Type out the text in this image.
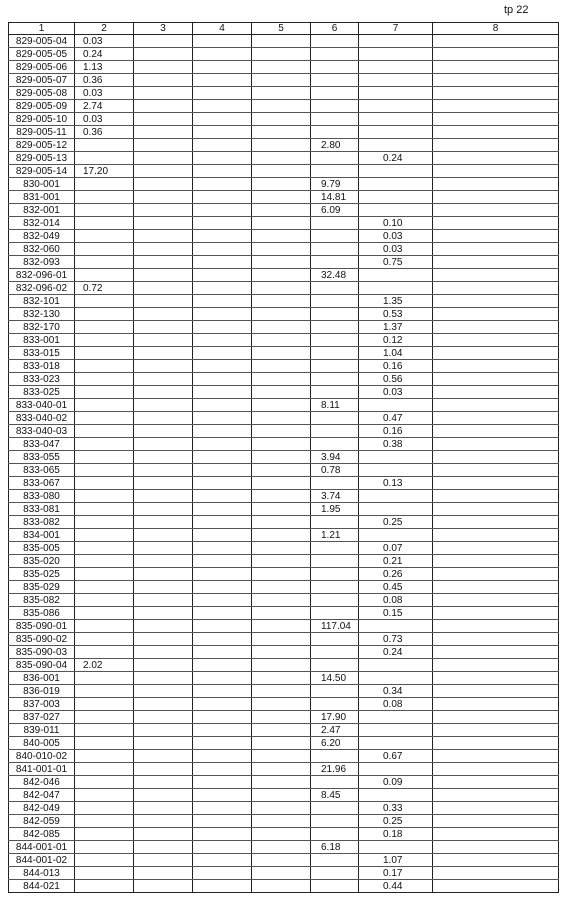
tp 22
1	2	3	4	5	6	7	8
829-005-04	0.03						
829-005-05	0.24						
829-005-06	1.13						
829-005-07	0.36						
829-005-08	0.03						
829-005-09	2.74						
829-005-10	0.03						
829-005-11	0.36						
829-005-12					2.80		
829-005-13						0.24	
829-005-14	17.20						
830-001					9.79		
831-001					14.81		
832-001					6.09		
832-014						0.10	
832-049						0.03	
832-060						0.03	
832-093						0.75	
832-096-01					32.48		
832-096-02	0.72						
832-101						1.35	
832-130						0.53	
832-170						1.37	
833-001						0.12	
833-015						1.04	
833-018						0.16	
833-023						0.56	
833-025						0.03	
833-040-01					8.11		
833-040-02						0.47	
833-040-03						0.16	
833-047						0.38	
833-055					3.94		
833-065					0.78		
833-067						0.13	
833-080					3.74		
833-081					1.95		
833-082						0.25	
834-001					1.21		
835-005						0.07	
835-020						0.21	
835-025						0.26	
835-029						0.45	
835-082						0.08	
835-086						0.15	
835-090-01					117.04		
835-090-02						0.73	
835-090-03						0.24	
835-090-04	2.02						
836-001					14.50		
836-019						0.34	
837-003						0.08	
837-027					17.90		
839-011					2.47		
840-005					6.20		
840-010-02						0.67	
841-001-01					21.96		
842-046						0.09	
842-047					8.45		
842-049						0.33	
842-059						0.25	
842-085						0.18	
844-001-01					6.18		
844-001-02						1.07	
844-013						0.17	
844-021						0.44	
